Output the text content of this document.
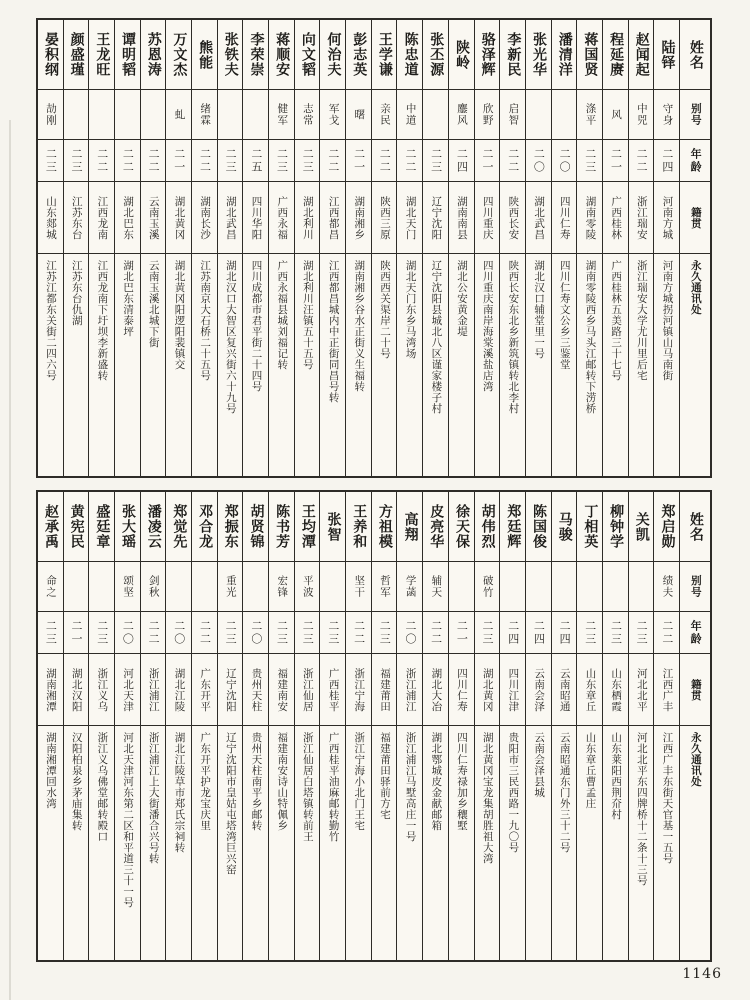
姓名
别号
年龄
籍贯
永久通讯处
陆铎
守身
二四
河南方城
河南方城拐河镇山马南街
赵闻起
中兕
二二
浙江瑞安
浙江瑞安大学尤川里后宅
程延赓
风
二一
广西桂林
广西桂林五美路三十七号
蒋国贤
涤平
二三
湖南零陵
湖南零陵西乡马头江邮转下涝桥
潘清洋
二〇
四川仁寿
四川仁寿文公乡三鉴堂
张光华
二〇
湖北武昌
湖北汉口辅堂里一号
李新民
启智
二二
陕西长安
陕西长安东北乡新筑镇转北李村
骆泽辉
欣野
二一
四川重庆
四川重庆南岸海棠溪盐店湾
陕岭
鏖风
二四
湖南南县
湖北公安黄金堤
张丕源
二三
辽宁沈阳
辽宁沈阳县城北八区谨家楼子村
陈忠道
中道
二二
湖北天门
湖北天门东乡马湾场
王学谦
亲民
二二
陕西三原
陕西西关渠岸二十号
彭志英
曙
二一
湖南湘乡
湖南湘乡谷水正街义生福转
何治夫
军戈
二二
江西都昌
江西都昌城内中正街同昌号转
向文韬
志常
二三
湖北利川
湖北利川汪镇五十五号
蒋顺安
健军
二三
广西永福
广西永福县城刘福记转
李荣崇
二五
四川华阳
四川成都市君平街二十四号
张铁夫
二三
湖北武昌
湖北汉口大智区复兴街六十九号
熊能
绪霖
二二
湖南长沙
江苏南京大石桥二十五号
万文杰
虬
二一
湖北黄冈
湖北黄冈阳逻阳裴镇交
苏恩涛
二二
云南玉溪
云南玉溪北城下街
谭明韬
二二
湖北巴东
湖北巴东清泰坪
王龙旺
二二
江西龙南
江西龙南下圩坝李新盛转
颜盛瑾
二三
江苏东台
江苏东台仇湖
晏积纲
劼刚
二三
山东郯城
江苏江都东关街二四六号
姓名
别号
年龄
籍贯
永久通讯处
郑启勋
绩夫
二二
江西广丰
江西广丰东街天官基一五号
关凯
二三
河北北平
河北北平东四牌桥十二条十三号
柳钟学
二三
山东栖霞
山东莱阳西荆夼村
丁相英
二三
山东章丘
山东章丘曹孟庄
马骏
二四
云南昭通
云南昭通东门外三十二号
陈国俊
二四
云南会泽
云南会泽县城
郑廷辉
二四
四川江津
贵阳市三民西路一九〇号
胡伟烈
破竹
二三
湖北黄冈
湖北黄冈宝龙集胡胜祖大湾
徐天保
二一
四川仁寿
四川仁寿禄加乡穰墅
皮亮华
辅天
二二
湖北大冶
湖北鄂城皮金献邮箱
高翔
学菡
二〇
浙江浦江
浙江浦江马墅高庄一号
方祖模
哲军
二三
福建莆田
福建莆田驿前方宅
王养和
坚干
二二
浙江宁海
浙江宁海小北门王宅
张智
二三
广西桂平
广西桂平油麻邮转勤竹
王均潭
平波
二三
浙江仙居
浙江仙居白塔镇转前王
陈书芳
宏锋
二三
福建南安
福建南安诗山特佩乡
胡贤锦
二〇
贵州天柱
贵州天柱南平乡邮转
郑振东
重光
二三
辽宁沈阳
辽宁沈阳市皇姑屯塔湾巨兴窑
邓合龙
二二
广东开平
广东开平护龙宝庆里
郑觉先
二〇
湖北江陵
湖北江陵草市郑氏宗祠转
潘凌云
剑秋
二二
浙江浦江
浙江浦江上大街潘合兴号转
张大瑶
颂坚
二〇
河北天津
河北天津河东第二区和平道三十一号
盛廷章
二三
浙江义乌
浙江义乌佛堂邮转殿口
黄宪民
二一
湖北汉阳
汉阳柏泉乡茅庙集转
赵承禹
命之
二三
湖南湘潭
湖南湘潭回水湾
1146
